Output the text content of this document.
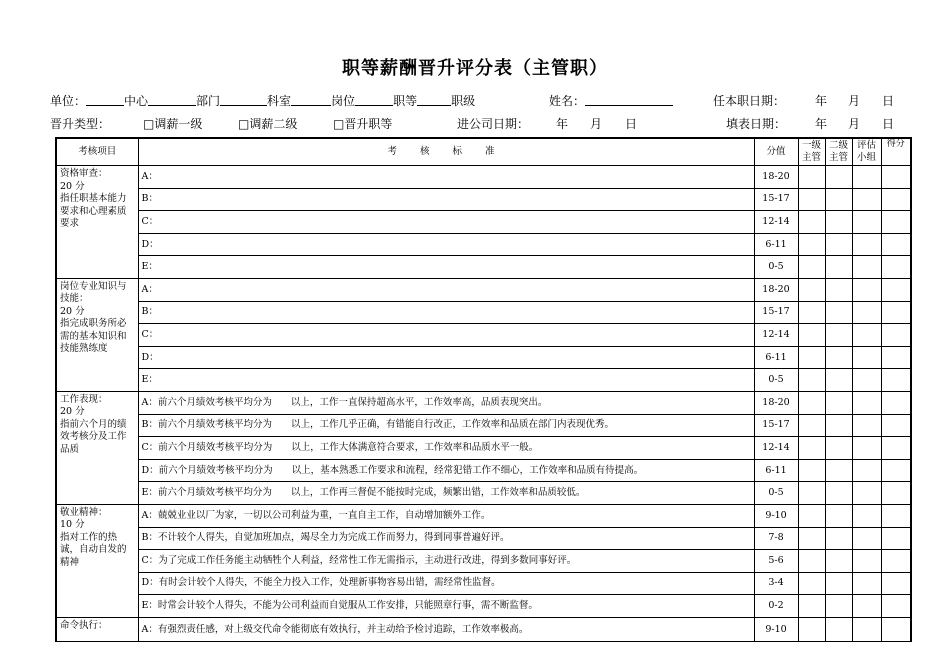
职等薪酬晋升评分表（主管职）
单位：	中心	部门	科室	岗位	职等	职级	姓名：	任本职日期： 年 月 日
晋升类型：	□调薪一级	□调薪二级	□晋升职等	进公司日期： 年 月 日	填表日期： 年 月 日
考核项目	考 核 标 准	分值	一级主管	二级主管	评估小组	得分

资格审查：
20 分
指任职基本能力要求和心理素质要求	A：	18-20				
	B：	15-17				
	C：	12-14				
	D：	6-11				
	E：	0-5				

岗位专业知识与技能：
20 分
指完成职务所必需的基本知识和技能熟练度	A：	18-20				
	B：	15-17				
	C：	12-14				
	D：	6-11				
	E：	0-5				

工作表现：
20 分
指前六个月的绩效考核分及工作品质	A：前六个月绩效考核平均分为　　以上，工作一直保持超高水平，工作效率高，品质表现突出。	18-20				
	B：前六个月绩效考核平均分为　　以上，工作几乎正确，有错能自行改正，工作效率和品质在部门内表现优秀。	15-17				
	C：前六个月绩效考核平均分为　　以上，工作大体满意符合要求，工作效率和品质水平一般。	12-14				
	D：前六个月绩效考核平均分为　　以上，基本熟悉工作要求和流程，经常犯错工作不细心，工作效率和品质有待提高。	6-11				
	E：前六个月绩效考核平均分为　　以上，工作再三督促不能按时完成，频繁出错，工作效率和品质较低。	0-5				

敬业精神：
10 分
指对工作的热诚，自动自发的精神	A：兢兢业业以厂为家，一切以公司利益为重，一直自主工作，自动增加额外工作。	9-10				
	B：不计较个人得失，自觉加班加点，竭尽全力为完成工作而努力，得到同事普遍好评。	7-8				
	C：为了完成工作任务能主动牺牲个人利益，经常性工作无需指示，主动进行改进，得到多数同事好评。	5-6				
	D：有时会计较个人得失，不能全力投入工作，处理新事物容易出错，需经常性监督。	3-4				
	E：时常会计较个人得失，不能为公司利益而自觉服从工作安排，只能照章行事，需不断监督。	0-2				

命令执行：	A：有强烈责任感，对上级交代命令能彻底有效执行，并主动给予检讨追踪，工作效率极高。	9-10				
